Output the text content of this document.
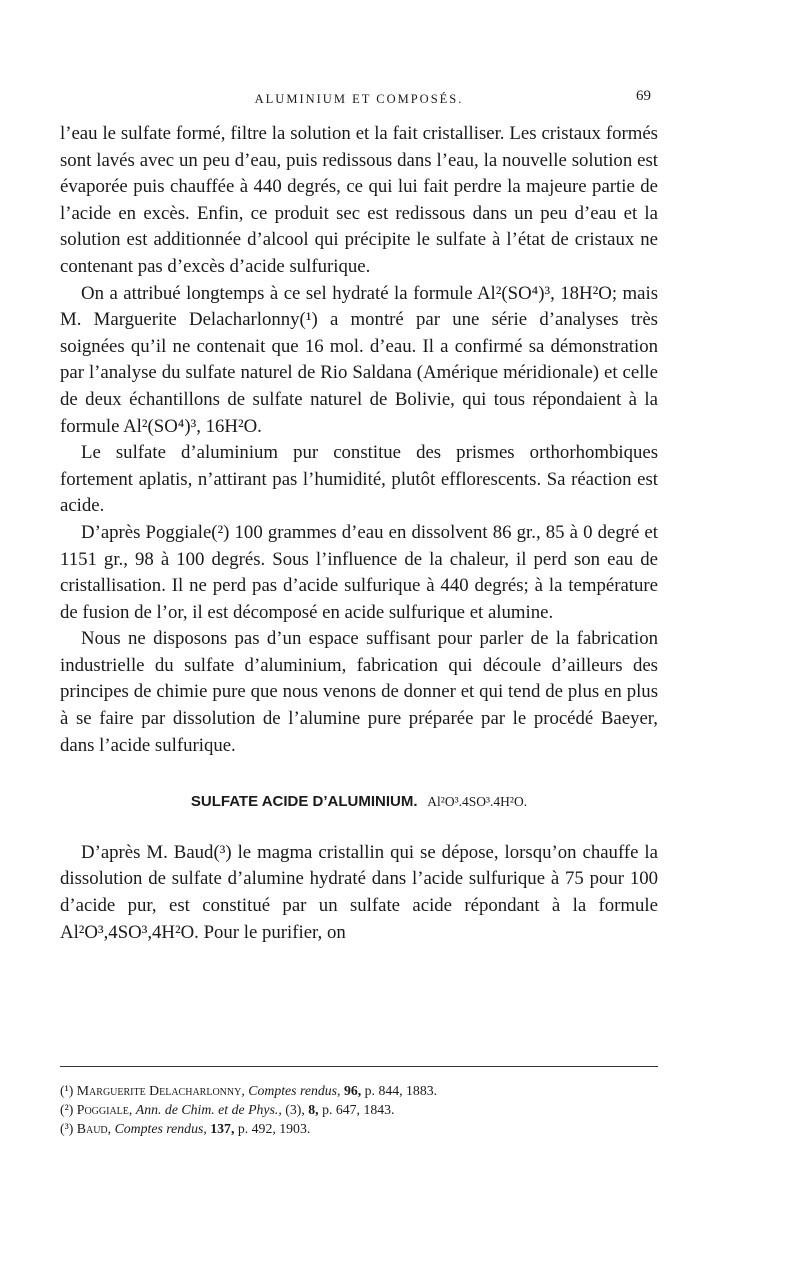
ALUMINIUM ET COMPOSÉS.	69

l’eau le sulfate formé, filtre la solution et la fait cristalliser. Les cristaux formés sont lavés avec un peu d’eau, puis redissous dans l’eau, la nouvelle solution est évaporée puis chauffée à 440 degrés, ce qui lui fait perdre la majeure partie de l’acide en excès. Enfin, ce produit sec est redissous dans un peu d’eau et la solution est additionnée d’alcool qui précipite le sulfate à l’état de cristaux ne contenant pas d’excès d’acide sulfurique.

On a attribué longtemps à ce sel hydraté la formule Al²(SO⁴)³, 18H²O; mais M. Marguerite Delacharlonny(¹) a montré par une série d’analyses très soignées qu’il ne contenait que 16 mol. d’eau. Il a confirmé sa démonstration par l’analyse du sulfate naturel de Rio Saldana (Amérique méridionale) et celle de deux échantillons de sulfate naturel de Bolivie, qui tous répondaient à la formule Al²(SO⁴)³, 16H²O.

Le sulfate d’aluminium pur constitue des prismes orthorhombiques fortement aplatis, n’attirant pas l’humidité, plutôt efflorescents. Sa réaction est acide.

D’après Poggiale(²) 100 grammes d’eau en dissolvent 86 gr., 85 à 0 degré et 1151 gr., 98 à 100 degrés. Sous l’influence de la chaleur, il perd son eau de cristallisation. Il ne perd pas d’acide sulfurique à 440 degrés; à la température de fusion de l’or, il est décomposé en acide sulfurique et alumine.

Nous ne disposons pas d’un espace suffisant pour parler de la fabrication industrielle du sulfate d’aluminium, fabrication qui découle d’ailleurs des principes de chimie pure que nous venons de donner et qui tend de plus en plus à se faire par dissolution de l’alumine pure préparée par le procédé Baeyer, dans l’acide sulfurique.

SULFATE ACIDE D’ALUMINIUM. Al²O³.4SO³.4H²O.

D’après M. Baud(³) le magma cristallin qui se dépose, lorsqu’on chauffe la dissolution de sulfate d’alumine hydraté dans l’acide sulfurique à 75 pour 100 d’acide pur, est constitué par un sulfate acide répondant à la formule Al²O³,4SO³,4H²O. Pour le purifier, on

(¹) Marguerite Delacharlonny, Comptes rendus, 96, p. 844, 1883.

(²) Poggiale, Ann. de Chim. et de Phys., (3), 8, p. 647, 1843.

(³) Baud, Comptes rendus, 137, p. 492, 1903.
